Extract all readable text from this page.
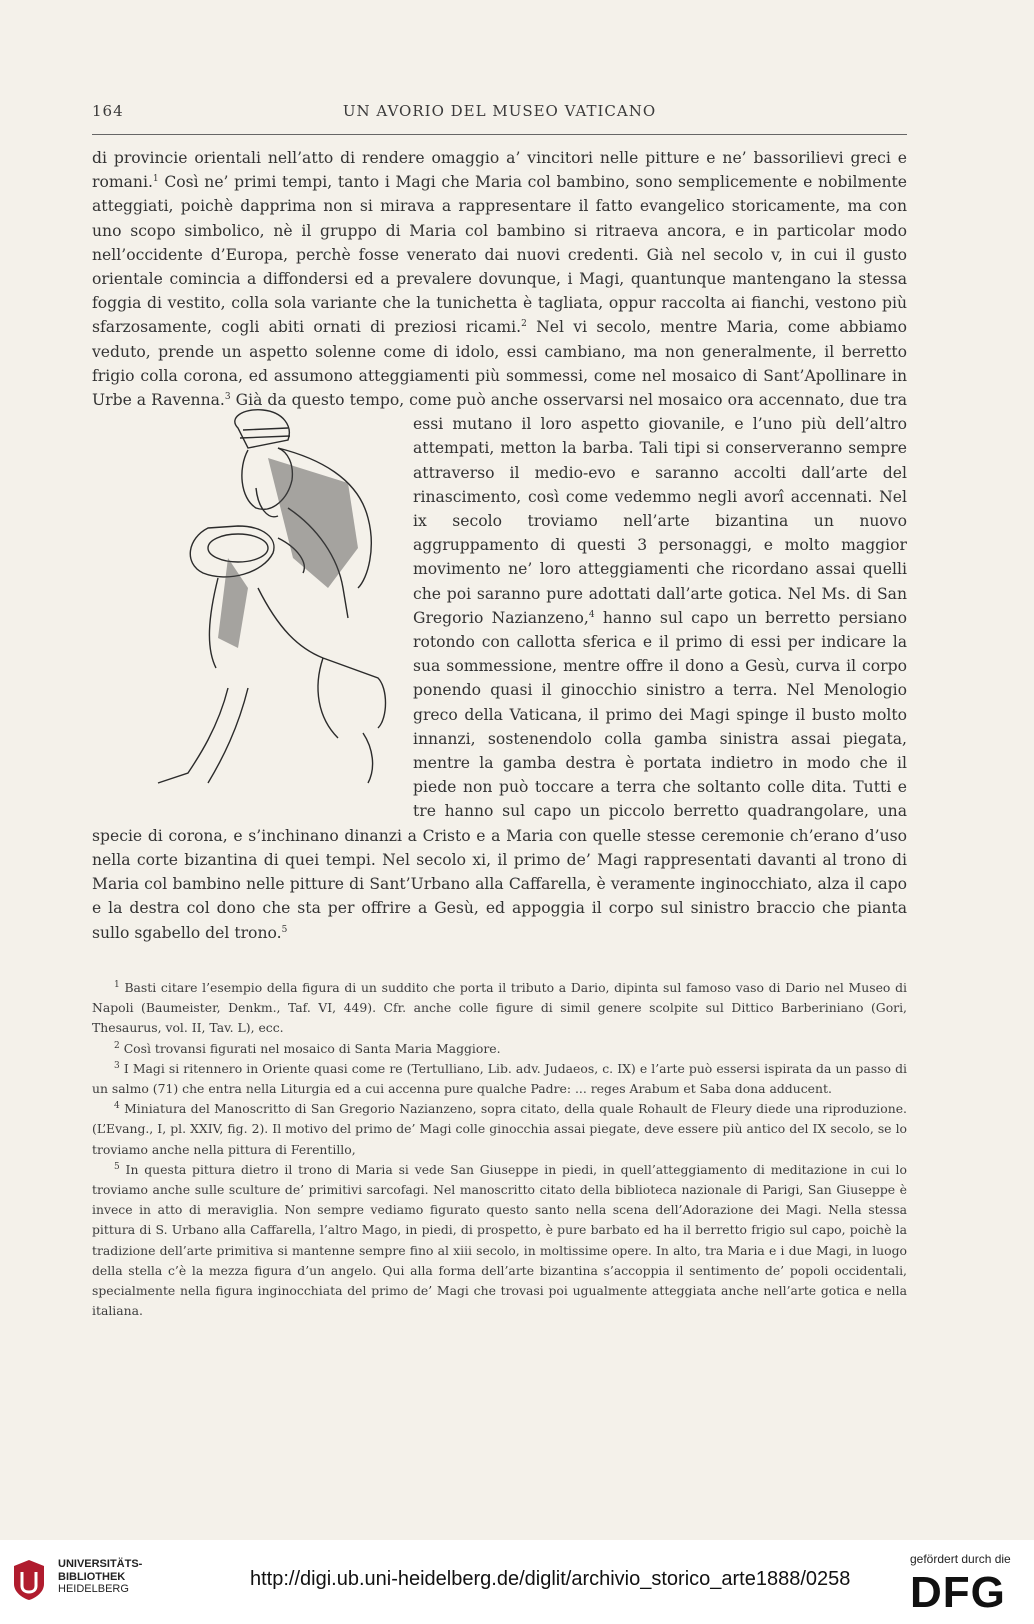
164	UN AVORIO DEL MUSEO VATICANO

di provincie orientali nell’atto di rendere omaggio a’ vincitori nelle pitture e ne’ bassorilievi greci e romani.$^1$ Così ne’ primi tempi, tanto i Magi che Maria col bambino, sono semplicemente e nobilmente atteggiati, poichè dapprima non si mirava a rappresentare il fatto evangelico storicamente, ma con uno scopo simbolico, nè il gruppo di Maria col bambino si ritraeva ancora, e in particolar modo nell’occidente d’Europa, perchè fosse venerato dai nuovi credenti. Già nel secolo v, in cui il gusto orientale comincia a diffondersi ed a prevalere dovunque, i Magi, quantunque mantengano la stessa foggia di vestito, colla sola variante che la tunichetta è tagliata, oppur raccolta ai fianchi, vestono più sfarzosamente, cogli abiti ornati di preziosi ricami.$^2$ Nel vi secolo, mentre Maria, come abbiamo veduto, prende un aspetto solenne come di idolo, essi cambiano, ma non generalmente, il berretto frigio colla corona, ed assumono atteggiamenti più sommessi, come nel mosaico di Sant’Apollinare in Urbe a Ravenna.$^3$
Già da questo tempo, come può anche osservarsi nel mosaico ora accennato, due tra essi mutano il loro aspetto giovanile, e l’uno più dell’altro attempati, metton la barba. Tali tipi si conserveranno sempre attraverso il medio-evo e saranno accolti dall’arte del rinascimento, così come vedemmo negli avorî accennati. Nel ix secolo troviamo nell’arte bizantina un nuovo aggruppamento di questi 3 personaggi, e molto maggior movimento ne’ loro atteggiamenti che ricordano assai quelli che poi saranno pure adottati dall’arte gotica. Nel Ms. di San Gregorio Nazianzeno,$^4$ hanno sul capo un berretto persiano rotondo con callotta sferica e il primo di essi per indicare la sua sommessione, mentre offre il dono a Gesù, curva il corpo ponendo quasi il ginocchio sinistro a terra. Nel Menologio greco della Vaticana, il primo dei Magi spinge il busto molto innanzi, sostenendolo colla gamba sinistra assai piegata, mentre la gamba destra è portata indietro in modo che il piede non può toccare a terra che soltanto colle dita. Tutti e tre hanno sul capo un piccolo berretto quadrangolare, una specie di corona, e s’inchinano dinanzi a Cristo e a Maria con quelle stesse ceremonie ch’erano d’uso nella corte bizantina di quei tempi. Nel secolo xi, il primo de’ Magi rappresentati davanti al trono di Maria col bambino nelle pitture di Sant’Urbano alla Caffarella, è veramente inginocchiato, alza il capo e la destra col dono che sta per offrire a Gesù, ed appoggia il corpo sul sinistro braccio che pianta sullo sgabello del trono.$^5$

$^1$ Basti citare l’esempio della figura di un suddito che porta il tributo a Dario, dipinta sul famoso vaso di Dario nel Museo di Napoli (Baumeister, Denkm., Taf. VI, 449). Cfr. anche colle figure di simil genere scolpite sul Dittico Barberiniano (Gori, Thesaurus, vol. II, Tav. L), ecc.

$^2$ Così trovansi figurati nel mosaico di Santa Maria Maggiore.

$^3$ I Magi si ritennero in Oriente quasi come re (Tertulliano, Lib. adv. Judaeos, c. IX) e l’arte può essersi ispirata da un passo di un salmo (71) che entra nella Liturgia ed a cui accenna pure qualche Padre: ... reges Arabum et Saba dona adducent.

$^4$ Miniatura del Manoscritto di San Gregorio Nazianzeno, sopra citato, della quale Rohault de Fleury diede una riproduzione. (L’Evang., I, pl. XXIV, fig. 2). Il motivo del primo de’ Magi colle ginocchia assai piegate, deve essere più antico del IX secolo, se lo troviamo anche nella pittura di Ferentillo,

$^5$ In questa pittura dietro il trono di Maria si vede San Giuseppe in piedi, in quell’atteggiamento di meditazione in cui lo troviamo anche sulle sculture de’ primitivi sarcofagi. Nel manoscritto citato della biblioteca nazionale di Parigi, San Giuseppe è invece in atto di meraviglia. Non sempre vediamo figurato questo santo nella scena dell’Adorazione dei Magi. Nella stessa pittura di S. Urbano alla Caffarella, l’altro Mago, in piedi, di prospetto, è pure barbato ed ha il berretto frigio sul capo, poichè la tradizione dell’arte primitiva si mantenne sempre fino al xiii secolo, in moltissime opere. In alto, tra Maria e i due Magi, in luogo della stella c’è la mezza figura d’un angelo. Qui alla forma dell’arte bizantina s’accoppia il sentimento de’ popoli occidentali, specialmente nella figura inginocchiata del primo de’ Magi che trovasi poi ugualmente atteggiata anche nell’arte gotica e nella italiana.

UNIVERSITÄTS-
BIBLIOTHEK
HEIDELBERG	http://digi.ub.uni-heidelberg.de/diglit/archivio_storico_arte1888/0258
gefördert durch die
DFG
